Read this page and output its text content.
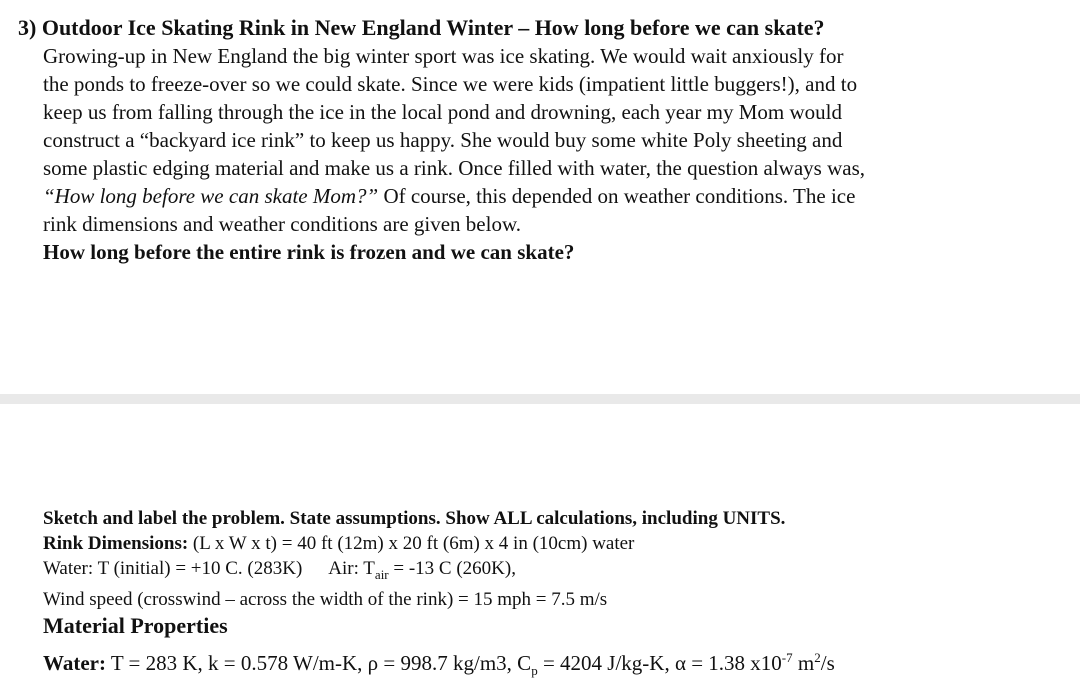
3) Outdoor Ice Skating Rink in New England Winter – How long before we can skate?
Growing-up in New England the big winter sport was ice skating. We would wait anxiously for
the ponds to freeze-over so we could skate. Since we were kids (impatient little buggers!), and to
keep us from falling through the ice in the local pond and drowning, each year my Mom would
construct a “backyard ice rink” to keep us happy. She would buy some white Poly sheeting and
some plastic edging material and make us a rink. Once filled with water, the question always was,
“How long before we can skate Mom?” Of course, this depended on weather conditions. The ice
rink dimensions and weather conditions are given below.
How long before the entire rink is frozen and we can skate?
Sketch and label the problem. State assumptions. Show ALL calculations, including UNITS.
Rink Dimensions: (L x W x t) = 40 ft (12m) x 20 ft (6m) x 4 in (10cm) water
Water: T (initial) = +10 C. (283K) Air: $T_{air} = -13$ C (260K),
Wind speed (crosswind – across the width of the rink) = 15 mph = 7.5 m/s
Material Properties
Water: T = 283 K, k = 0.578 W/m-K, ρ = 998.7 kg/m3, $C_p = 4204$ J/kg-K, α = 1.38 $x10^{-7}$ $m^2/s$
